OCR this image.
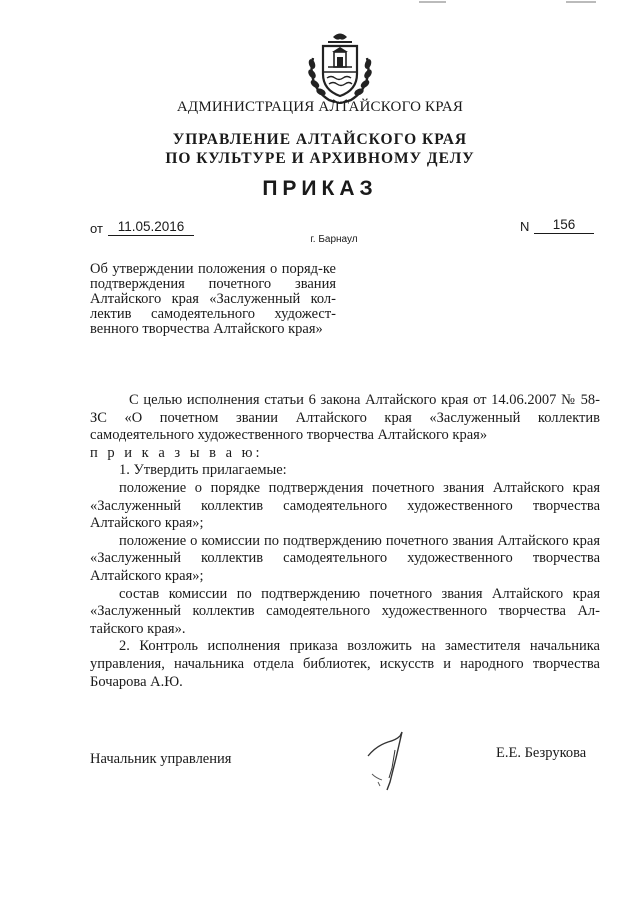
АДМИНИСТРАЦИЯ АЛТАЙСКОГО КРАЯ
УПРАВЛЕНИЕ АЛТАЙСКОГО КРАЯ
ПО КУЛЬТУРЕ И АРХИВНОМУ ДЕЛУ
ПРИКАЗ
от	11.05.2016	N	156
г. Барнаул
Об утверждении положения о поряд-ке подтверждения почетного звания Алтайского края «Заслуженный кол-лектив самодеятельного художест-венного творчества Алтайского края»

С целью исполнения статьи 6 закона Алтайского края от 14.06.2007 № 58-ЗС «О почетном звании Алтайского края «Заслуженный коллектив самодеятельного художественного творчества Алтайского края»

п р и к а з ы в а ю:

1. Утвердить прилагаемые:

положение о порядке подтверждения почетного звания Алтайского края «Заслуженный коллектив самодеятельного художественного творчества Алтайского края»;

положение о комиссии по подтверждению почетного звания Алтайского края «Заслуженный коллектив самодеятельного художественного творчества Алтайского края»;

состав комиссии по подтверждению почетного звания Алтайского края «Заслуженный коллектив самодеятельного художественного творчества Ал-тайского края».

2. Контроль исполнения приказа возложить на заместителя начальника управления, начальника отдела библиотек, искусств и народного творчества Бочарова А.Ю.

Начальник управления	Е.Е. Безрукова
